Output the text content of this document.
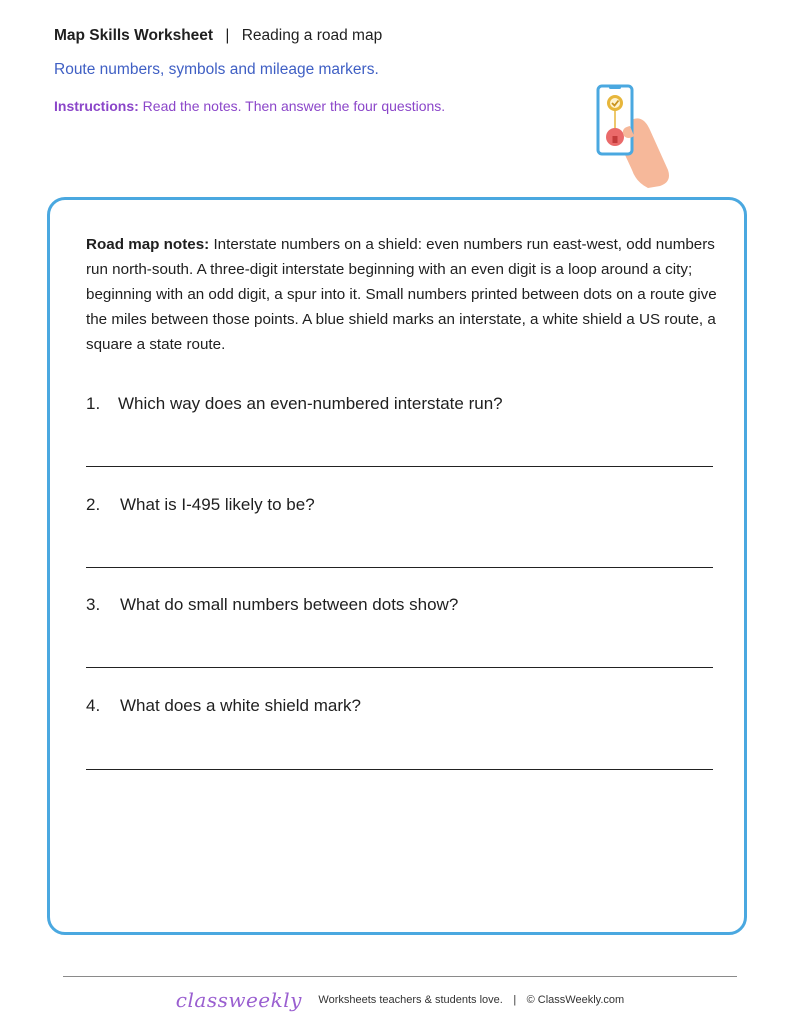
Map Skills Worksheet | Reading a road map
Route numbers, symbols and mileage markers.
Instructions: Read the notes. Then answer the four questions.
Road map notes: Interstate numbers on a shield: even numbers run east-west, odd numbers run north-south. A three-digit interstate beginning with an even digit is a loop around a city; beginning with an odd digit, a spur into it. Small numbers printed between dots on a route give the miles between those points. A blue shield marks an interstate, a white shield a US route, a square a state route.
1. Which way does an even-numbered interstate run?
2. What is I-495 likely to be?
3. What do small numbers between dots show?
4. What does a white shield mark?
classweekly Worksheets teachers & students love. | © ClassWeekly.com
